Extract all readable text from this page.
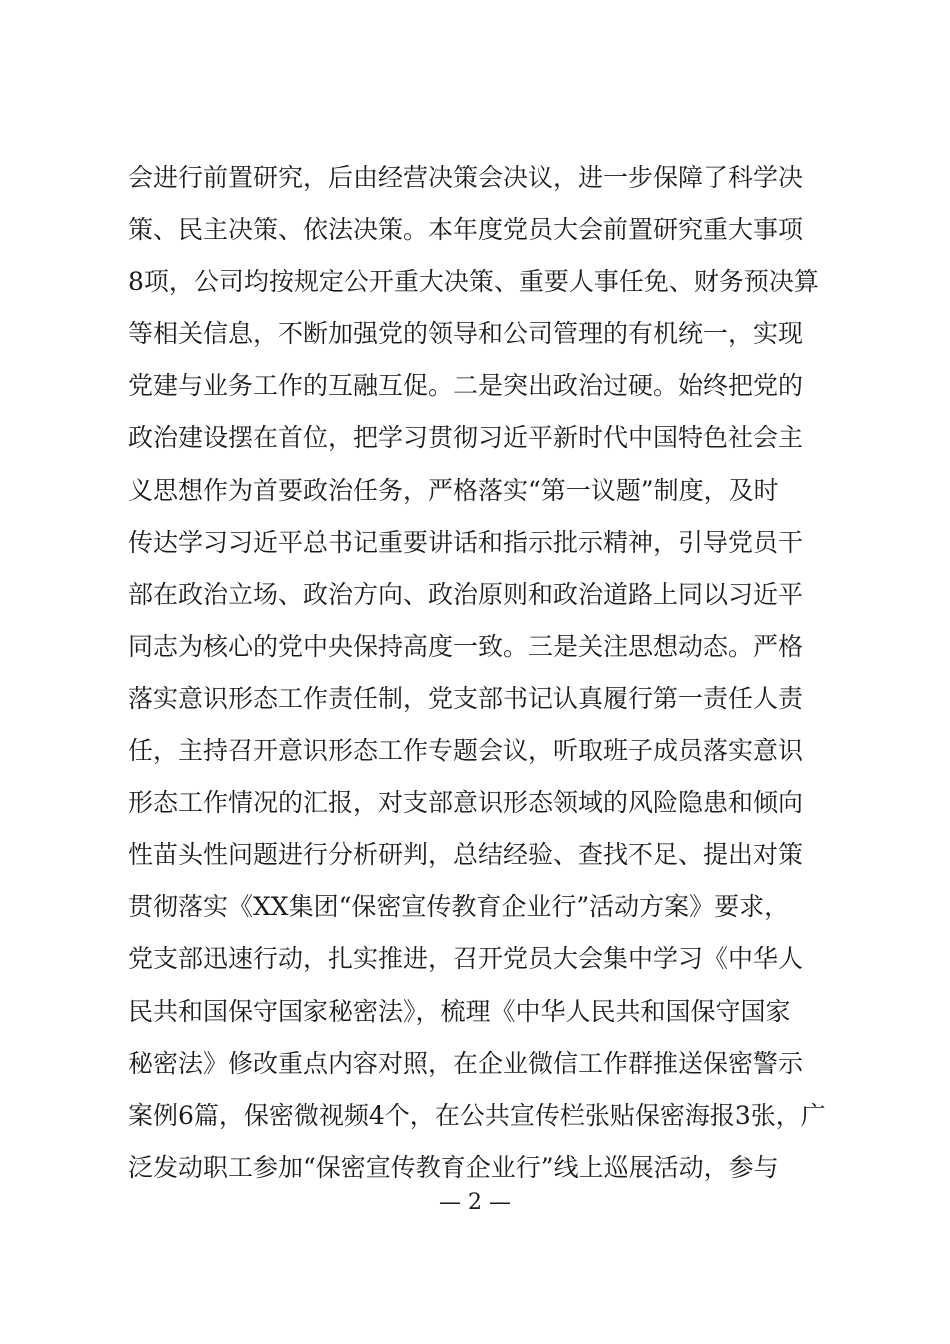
会进行前置研究，后由经营决策会决议，进一步保障了科学决
策、民主决策、依法决策。本年度党员大会前置研究重大事项
8项，公司均按规定公开重大决策、重要人事任免、财务预决算
等相关信息，不断加强党的领导和公司管理的有机统一，实现
党建与业务工作的互融互促。二是突出政治过硬。始终把党的
政治建设摆在首位，把学习贯彻习近平新时代中国特色社会主
义思想作为首要政治任务，严格落实“第一议题”制度，及时
传达学习习近平总书记重要讲话和指示批示精神，引导党员干
部在政治立场、政治方向、政治原则和政治道路上同以习近平
同志为核心的党中央保持高度一致。三是关注思想动态。严格
落实意识形态工作责任制，党支部书记认真履行第一责任人责
任，主持召开意识形态工作专题会议，听取班子成员落实意识
形态工作情况的汇报，对支部意识形态领域的风险隐患和倾向
性苗头性问题进行分析研判，总结经验、查找不足、提出对策
贯彻落实《XX集团“保密宣传教育企业行”活动方案》要求，
党支部迅速行动，扎实推进，召开党员大会集中学习《中华人
民共和国保守国家秘密法》，梳理《中华人民共和国保守国家
秘密法》修改重点内容对照，在企业微信工作群推送保密警示
案例6篇，保密微视频4个，在公共宣传栏张贴保密海报3张，广
泛发动职工参加“保密宣传教育企业行”线上巡展活动，参与
— 2 —
